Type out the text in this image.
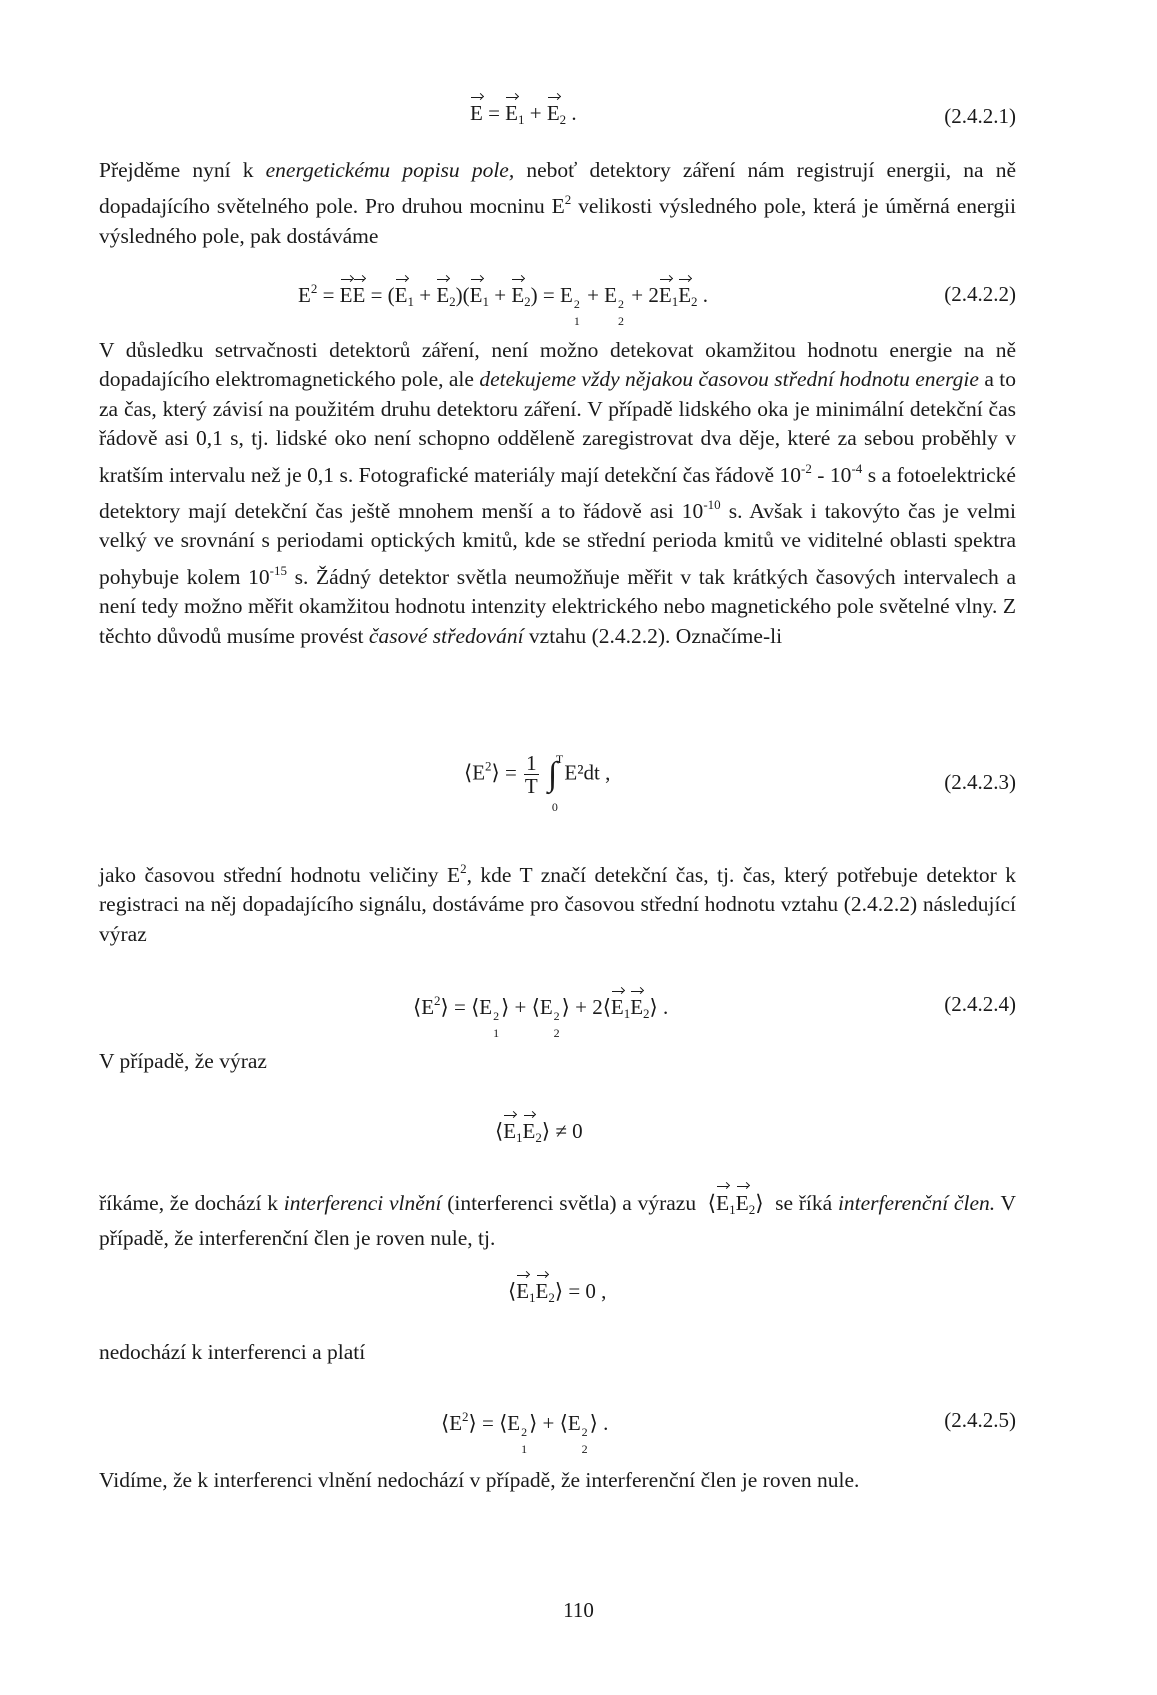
$E = E_1 + E_2$ .	(2.4.2.1)

Přejděme nyní k energetickému popisu pole, neboť detektory záření nám registrují energii, na ně dopadajícího světelného pole. Pro druhou mocninu $E^2$ velikosti výsledného pole, která je úměrná energii výsledného pole, pak dostáváme

$E^2$ = EE = $(E_1 + E_2)(E_1 + E_2) = E$ 2
1
+ E 2
2
+ $2E_1E_2$ .	(2.4.2.2)

V důsledku setrvačnosti detektorů záření, není možno detekovat okamžitou hodnotu energie na ně dopadajícího elektromagnetického pole, ale detekujeme vždy nějakou časovou střední hodnotu energie a to za čas, který závisí na použitém druhu detektoru záření. V případě lidského oka je minimální detekční čas řádově asi 0,1 s, tj. lidské oko není schopno odděleně zaregistrovat dva děje, které za sebou proběhly v kratším intervalu než je 0,1 s. Fotografické materiály mají detekční čas řádově $10^{-2} - 10^{-4}$ s a fotoelektrické detektory mají detekční čas ještě mnohem menší a to řádově asi $10^{-10}$ s. Avšak i takovýto čas je velmi velký ve srovnání s periodami optických kmitů, kde se střední perioda kmitů ve viditelné oblasti spektra pohybuje kolem $10^{-15}$ s. Žádný detektor světla neumožňuje měřit v tak krátkých časových intervalech a není tedy možno měřit okamžitou hodnotu intenzity elektrického nebo magnetického pole světelné vlny. Z těchto důvodů musíme provést časové středování vztahu (2.4.2.2). Označíme-li

$⟨E^2⟩ = \frac{1}{T}$ ∫
T
0
E²dt ,	(2.4.2.3)

jako časovou střední hodnotu veličiny $E^2$, kde T značí detekční čas, tj. čas, který potřebuje detektor k registraci na něj dopadajícího signálu, dostáváme pro časovou střední hodnotu vztahu (2.4.2.2) následující výraz

$⟨E^2⟩$ = ⟨E 2
1
⟩ + ⟨E 2
2
⟩ + $2⟨E_1E_2⟩$ .	(2.4.2.4)

V případě, že výraz

$⟨E_1E_2⟩ \ne 0$

říkáme, že dochází k interferenci vlnění (interferenci světla) a výrazu  $⟨E_1E_2⟩$  se říká interferenční člen. V případě, že interferenční člen je roven nule, tj.

$⟨E_1E_2⟩ = 0$ ,

nedochází k interferenci a platí

$⟨E^2⟩$ = ⟨E 2
1
⟩ + ⟨E 2
2
⟩ .	(2.4.2.5)

Vidíme, že k interferenci vlnění nedochází v případě, že interferenční člen je roven nule.

110
